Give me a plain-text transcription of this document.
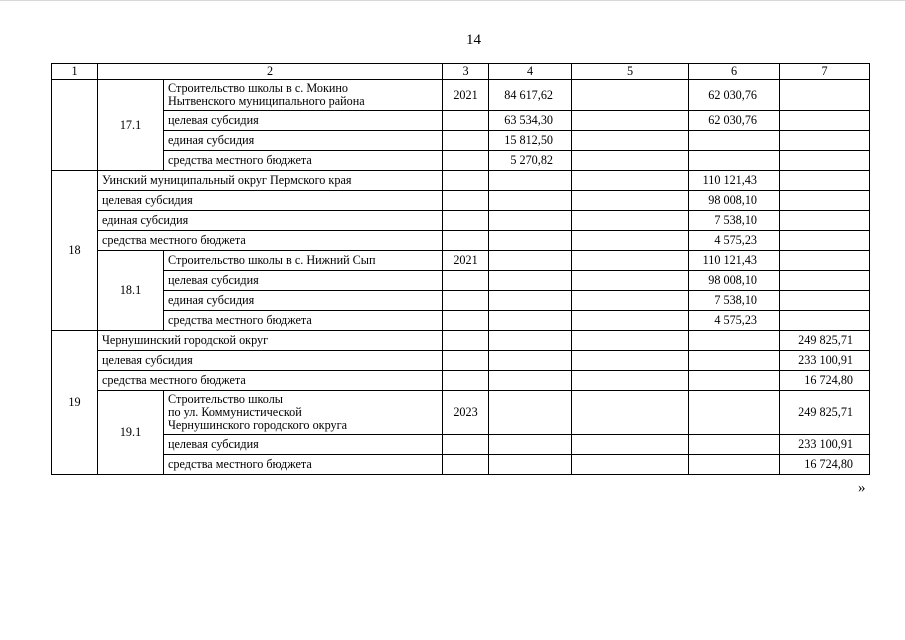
14
1	2		3	4	5	6	7
	17.1	Строительство школы в с. Мокино
Нытвенского муниципального района	2021	84 617,62		62 030,76	
		целевая субсидия		63 534,30		62 030,76	
		единая субсидия		15 812,50			
		средства местного бюджета		5 270,82			
18	Уинский муниципальный округ Пермского края					110 121,43	
	целевая субсидия					98 008,10	
	единая субсидия					7 538,10	
	средства местного бюджета					4 575,23	
	18.1	Строительство школы в с. Нижний Сып	2021			110 121,43	
		целевая субсидия				98 008,10	
		единая субсидия				7 538,10	
		средства местного бюджета				4 575,23	
19	Чернушинский городской округ						249 825,71
	целевая субсидия						233 100,91
	средства местного бюджета						16 724,80
	19.1	Строительство школы
по ул. Коммунистической
Чернушинского городского округа	2023				249 825,71
		целевая субсидия					233 100,91
		средства местного бюджета					16 724,80
»
